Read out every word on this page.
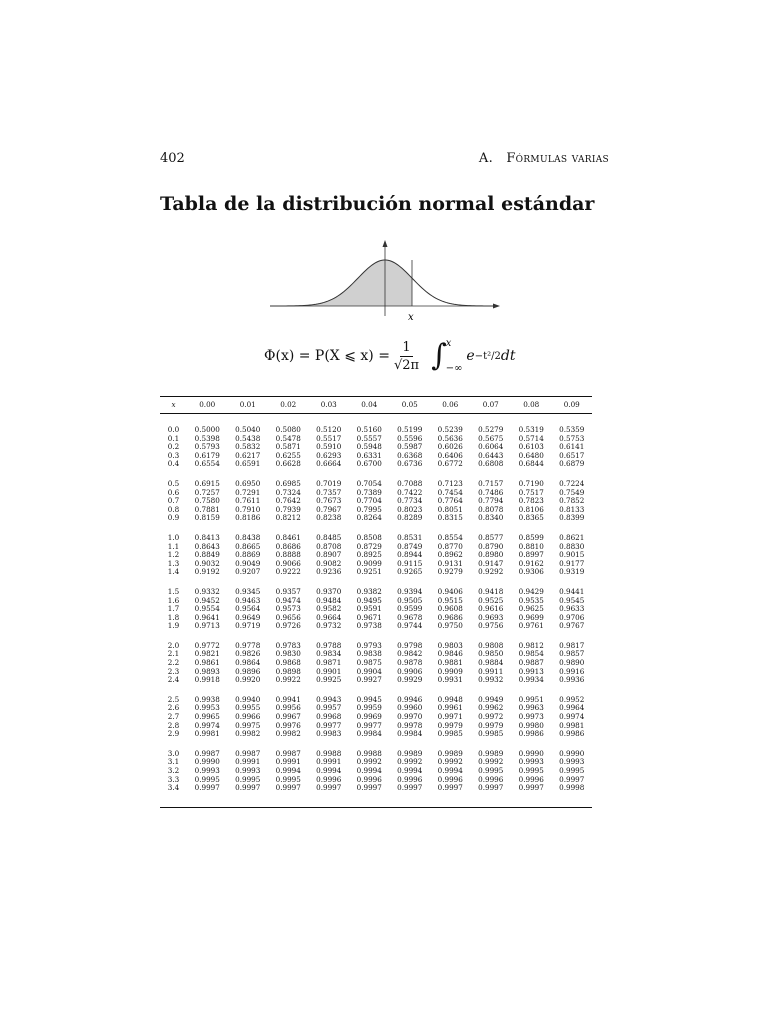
402	A. Fórmulas varias
Tabla de la distribución normal estándar
x
Φ(x) = P(X ⩽ $x) = \frac{1}{√2\pi}$ ∫ x
−∞
e −t²/2 dt
x	0.00	0.01	0.02	0.03	0.04	0.05	0.06	0.07	0.08	0.09

0.0	0.5000	0.5040	0.5080	0.5120	0.5160	0.5199	0.5239	0.5279	0.5319	0.5359
0.1	0.5398	0.5438	0.5478	0.5517	0.5557	0.5596	0.5636	0.5675	0.5714	0.5753
0.2	0.5793	0.5832	0.5871	0.5910	0.5948	0.5987	0.6026	0.6064	0.6103	0.6141
0.3	0.6179	0.6217	0.6255	0.6293	0.6331	0.6368	0.6406	0.6443	0.6480	0.6517
0.4	0.6554	0.6591	0.6628	0.6664	0.6700	0.6736	0.6772	0.6808	0.6844	0.6879

0.5	0.6915	0.6950	0.6985	0.7019	0.7054	0.7088	0.7123	0.7157	0.7190	0.7224
0.6	0.7257	0.7291	0.7324	0.7357	0.7389	0.7422	0.7454	0.7486	0.7517	0.7549
0.7	0.7580	0.7611	0.7642	0.7673	0.7704	0.7734	0.7764	0.7794	0.7823	0.7852
0.8	0.7881	0.7910	0.7939	0.7967	0.7995	0.8023	0.8051	0.8078	0.8106	0.8133
0.9	0.8159	0.8186	0.8212	0.8238	0.8264	0.8289	0.8315	0.8340	0.8365	0.8399

1.0	0.8413	0.8438	0.8461	0.8485	0.8508	0.8531	0.8554	0.8577	0.8599	0.8621
1.1	0.8643	0.8665	0.8686	0.8708	0.8729	0.8749	0.8770	0.8790	0.8810	0.8830
1.2	0.8849	0.8869	0.8888	0.8907	0.8925	0.8944	0.8962	0.8980	0.8997	0.9015
1.3	0.9032	0.9049	0.9066	0.9082	0.9099	0.9115	0.9131	0.9147	0.9162	0.9177
1.4	0.9192	0.9207	0.9222	0.9236	0.9251	0.9265	0.9279	0.9292	0.9306	0.9319

1.5	0.9332	0.9345	0.9357	0.9370	0.9382	0.9394	0.9406	0.9418	0.9429	0.9441
1.6	0.9452	0.9463	0.9474	0.9484	0.9495	0.9505	0.9515	0.9525	0.9535	0.9545
1.7	0.9554	0.9564	0.9573	0.9582	0.9591	0.9599	0.9608	0.9616	0.9625	0.9633
1.8	0.9641	0.9649	0.9656	0.9664	0.9671	0.9678	0.9686	0.9693	0.9699	0.9706
1.9	0.9713	0.9719	0.9726	0.9732	0.9738	0.9744	0.9750	0.9756	0.9761	0.9767

2.0	0.9772	0.9778	0.9783	0.9788	0.9793	0.9798	0.9803	0.9808	0.9812	0.9817
2.1	0.9821	0.9826	0.9830	0.9834	0.9838	0.9842	0.9846	0.9850	0.9854	0.9857
2.2	0.9861	0.9864	0.9868	0.9871	0.9875	0.9878	0.9881	0.9884	0.9887	0.9890
2.3	0.9893	0.9896	0.9898	0.9901	0.9904	0.9906	0.9909	0.9911	0.9913	0.9916
2.4	0.9918	0.9920	0.9922	0.9925	0.9927	0.9929	0.9931	0.9932	0.9934	0.9936

2.5	0.9938	0.9940	0.9941	0.9943	0.9945	0.9946	0.9948	0.9949	0.9951	0.9952
2.6	0.9953	0.9955	0.9956	0.9957	0.9959	0.9960	0.9961	0.9962	0.9963	0.9964
2.7	0.9965	0.9966	0.9967	0.9968	0.9969	0.9970	0.9971	0.9972	0.9973	0.9974
2.8	0.9974	0.9975	0.9976	0.9977	0.9977	0.9978	0.9979	0.9979	0.9980	0.9981
2.9	0.9981	0.9982	0.9982	0.9983	0.9984	0.9984	0.9985	0.9985	0.9986	0.9986

3.0	0.9987	0.9987	0.9987	0.9988	0.9988	0.9989	0.9989	0.9989	0.9990	0.9990
3.1	0.9990	0.9991	0.9991	0.9991	0.9992	0.9992	0.9992	0.9992	0.9993	0.9993
3.2	0.9993	0.9993	0.9994	0.9994	0.9994	0.9994	0.9994	0.9995	0.9995	0.9995
3.3	0.9995	0.9995	0.9995	0.9996	0.9996	0.9996	0.9996	0.9996	0.9996	0.9997
3.4	0.9997	0.9997	0.9997	0.9997	0.9997	0.9997	0.9997	0.9997	0.9997	0.9998
